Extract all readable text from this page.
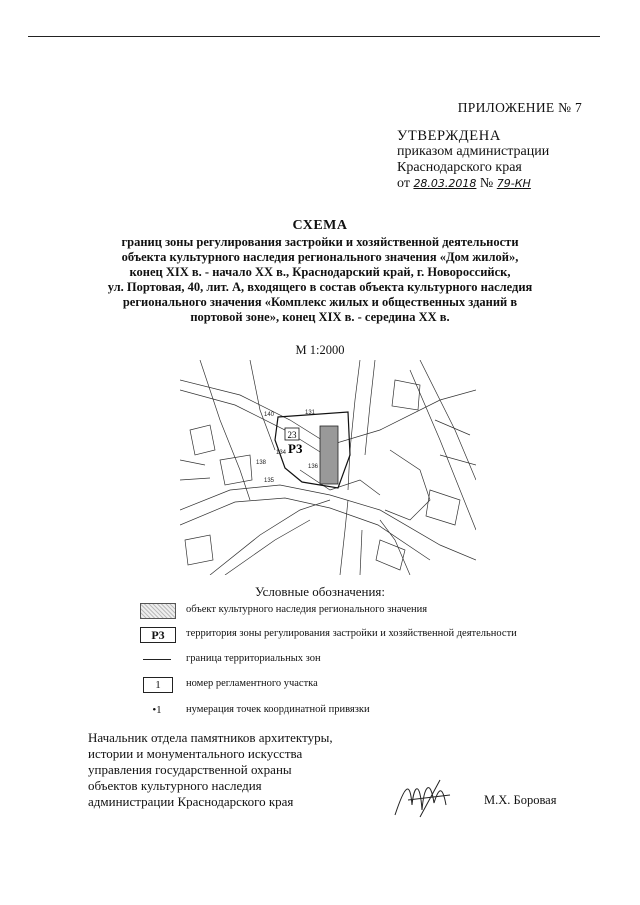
ПРИЛОЖЕНИЕ № 7
УТВЕРЖДЕНА
приказом администрации
Краснодарского края
от 28.03.2018 № 79-КН
СХЕМА
границ зоны регулирования застройки и хозяйственной деятельности
объекта культурного наследия регионального значения «Дом жилой»,
конец XIX в. - начало XX в., Краснодарский край, г. Новороссийск,
ул. Портовая, 40, лит. А, входящего в состав объекта культурного наследия
регионального значения «Комплекс жилых и общественных зданий в
портовой зоне», конец XIX в. - середина XX в.
М 1:2000
23
Р3
131
134
135
136
138
140
Условные обозначения:
объект культурного наследия регионального значения
Р3	территория зоны регулирования застройки и хозяйственной деятельности
граница территориальных зон
1	номер регламентного участка
•1	нумерация точек координатной привязки
Начальник отдела памятников архитектуры,
истории и монументального искусства
управления государственной охраны
объектов культурного наследия
администрации Краснодарского края	М.Х. Боровая
